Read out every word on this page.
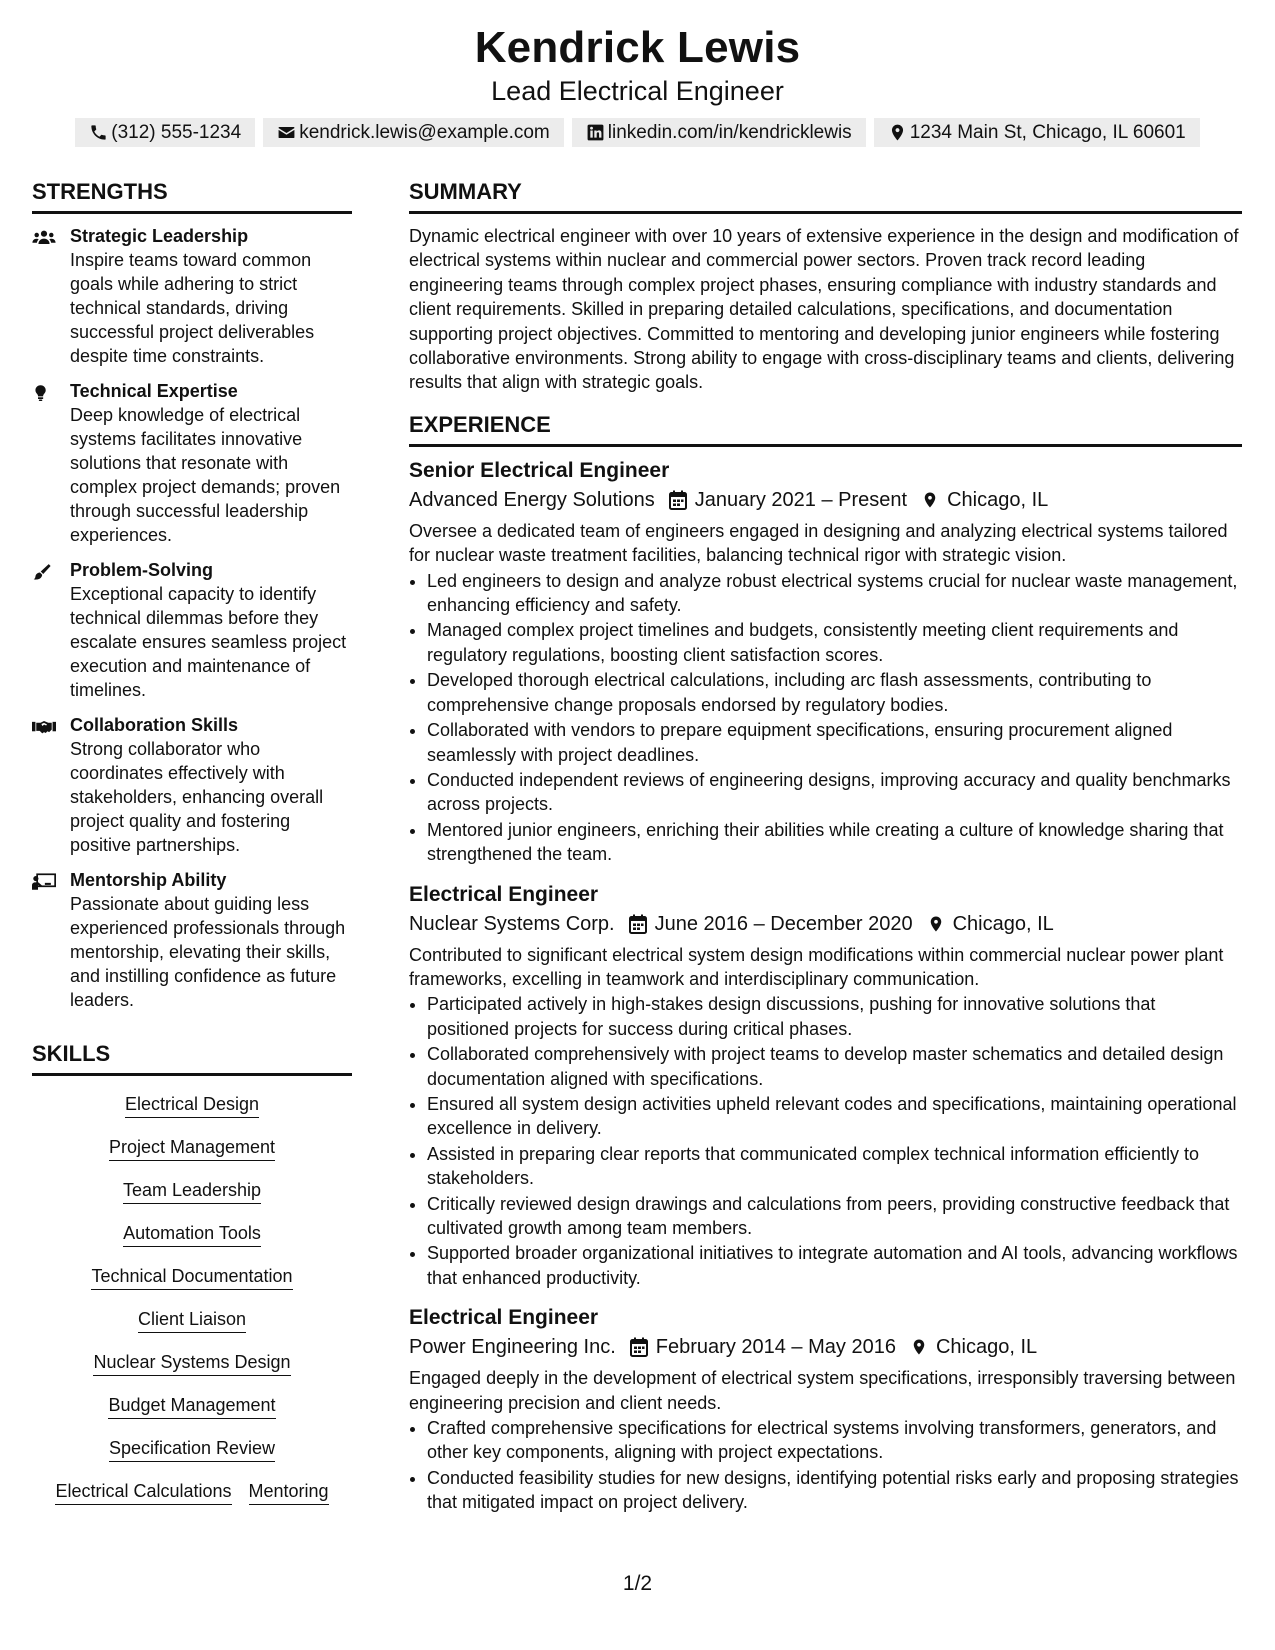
Kendrick Lewis
Lead Electrical Engineer
(312) 555-1234	kendrick.lewis@example.com	linkedin.com/in/kendricklewis	1234 Main St, Chicago, IL 60601
STRENGTHS
Strategic Leadership
Inspire teams toward common goals while adhering to strict technical standards, driving successful project deliverables despite time constraints.
Technical Expertise
Deep knowledge of electrical systems facilitates innovative solutions that resonate with complex project demands; proven through successful leadership experiences.
Problem-Solving
Exceptional capacity to identify technical dilemmas before they escalate ensures seamless project execution and maintenance of timelines.
Collaboration Skills
Strong collaborator who coordinates effectively with stakeholders, enhancing overall project quality and fostering positive partnerships.
Mentorship Ability
Passionate about guiding less experienced professionals through mentorship, elevating their skills, and instilling confidence as future leaders.
SKILLS
Electrical Design
Project Management
Team Leadership
Automation Tools
Technical Documentation
Client Liaison
Nuclear Systems Design
Budget Management
Specification Review
Electrical Calculations Mentoring
SUMMARY
Dynamic electrical engineer with over 10 years of extensive experience in the design and modification of electrical systems within nuclear and commercial power sectors. Proven track record leading engineering teams through complex project phases, ensuring compliance with industry standards and client requirements. Skilled in preparing detailed calculations, specifications, and documentation supporting project objectives. Committed to mentoring and developing junior engineers while fostering collaborative environments. Strong ability to engage with cross-disciplinary teams and clients, delivering results that align with strategic goals.
EXPERIENCE
Senior Electrical Engineer
Advanced Energy Solutions January 2021 – Present Chicago, IL
Oversee a dedicated team of engineers engaged in designing and analyzing electrical systems tailored for nuclear waste treatment facilities, balancing technical rigor with strategic vision.
• Led engineers to design and analyze robust electrical systems crucial for nuclear waste management, enhancing efficiency and safety.
• Managed complex project timelines and budgets, consistently meeting client requirements and regulatory regulations, boosting client satisfaction scores.
• Developed thorough electrical calculations, including arc flash assessments, contributing to comprehensive change proposals endorsed by regulatory bodies.
• Collaborated with vendors to prepare equipment specifications, ensuring procurement aligned seamlessly with project deadlines.
• Conducted independent reviews of engineering designs, improving accuracy and quality benchmarks across projects.
• Mentored junior engineers, enriching their abilities while creating a culture of knowledge sharing that strengthened the team.
Electrical Engineer
Nuclear Systems Corp. June 2016 – December 2020 Chicago, IL
Contributed to significant electrical system design modifications within commercial nuclear power plant frameworks, excelling in teamwork and interdisciplinary communication.
• Participated actively in high-stakes design discussions, pushing for innovative solutions that positioned projects for success during critical phases.
• Collaborated comprehensively with project teams to develop master schematics and detailed design documentation aligned with specifications.
• Ensured all system design activities upheld relevant codes and specifications, maintaining operational excellence in delivery.
• Assisted in preparing clear reports that communicated complex technical information efficiently to stakeholders.
• Critically reviewed design drawings and calculations from peers, providing constructive feedback that cultivated growth among team members.
• Supported broader organizational initiatives to integrate automation and AI tools, advancing workflows that enhanced productivity.
Electrical Engineer
Power Engineering Inc. February 2014 – May 2016 Chicago, IL
Engaged deeply in the development of electrical system specifications, irresponsibly traversing between engineering precision and client needs.
• Crafted comprehensive specifications for electrical systems involving transformers, generators, and other key components, aligning with project expectations.
• Conducted feasibility studies for new designs, identifying potential risks early and proposing strategies that mitigated impact on project delivery.
1/2
